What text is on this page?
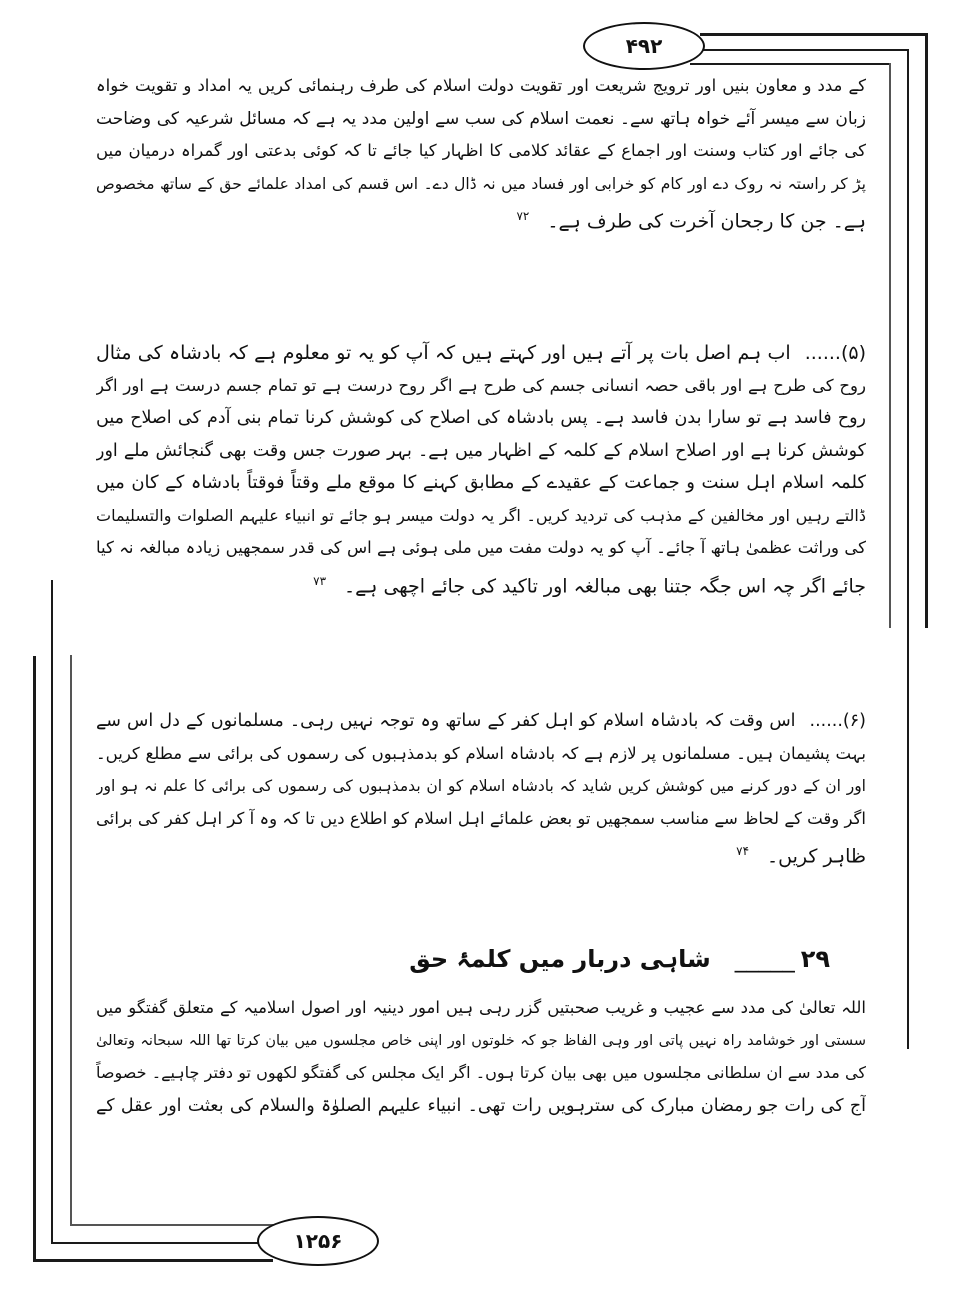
۴۹۲
۱۲۵۶
کے مدد و معاون بنیں اور ترویج شریعت اور تقویت دولت اسلام کی طرف رہنمائی کریں یہ امداد و تقویت خواہ
زبان سے میسر آئے خواہ ہاتھ سے۔ نعمت اسلام کی سب سے اولین مدد یہ ہے کہ مسائل شرعیہ کی وضاحت
کی جائے اور کتاب وسنت اور اجماع کے عقائد کلامی کا اظہار کیا جائے تا کہ کوئی بدعتی اور گمراہ درمیان میں
پڑ کر راستہ نہ روک دے اور کام کو خرابی اور فساد میں نہ ڈال دے۔ اس قسم کی امداد علمائے حق کے ساتھ مخصوص
ہے۔ جن کا رجحان آخرت کی طرف ہے۔$^{۷۲}$
(۵)......اب ہم اصل بات پر آتے ہیں اور کہتے ہیں کہ آپ کو یہ تو معلوم ہے کہ بادشاہ کی مثال
روح کی طرح ہے اور باقی حصہ انسانی جسم کی طرح ہے اگر روح درست ہے تو تمام جسم درست ہے اور اگر
روح فاسد ہے تو سارا بدن فاسد ہے۔ پس بادشاہ کی اصلاح کی کوشش کرنا تمام بنی آدم کی اصلاح میں
کوشش کرنا ہے اور اصلاح اسلام کے کلمہ کے اظہار میں ہے۔ بہر صورت جس وقت بھی گنجائش ملے اور
کلمہ اسلام اہل سنت و جماعت کے عقیدے کے مطابق کہنے کا موقع ملے وقتاً فوقتاً بادشاہ کے کان میں
ڈالتے رہیں اور مخالفین کے مذہب کی تردید کریں۔ اگر یہ دولت میسر ہو جائے تو انبیاء علیہم الصلوات والتسلیمات
کی وراثت عظمیٰ ہاتھ آ جائے۔ آپ کو یہ دولت مفت میں ملی ہوئی ہے اس کی قدر سمجھیں زیادہ مبالغہ نہ کیا
جائے اگر چہ اس جگہ جتنا بھی مبالغہ اور تاکید کی جائے اچھی ہے۔$^{۷۳}$
(۶)......اس وقت کہ بادشاہ اسلام کو اہل کفر کے ساتھ وہ توجہ نہیں رہی۔ مسلمانوں کے دل اس سے
بہت پشیمان ہیں۔ مسلمانوں پر لازم ہے کہ بادشاہ اسلام کو بدمذہبوں کی رسموں کی برائی سے مطلع کریں۔
اور ان کے دور کرنے میں کوشش کریں شاید کہ بادشاہ اسلام کو ان بدمذہبوں کی رسموں کی برائی کا علم نہ ہو اور
اگر وقت کے لحاظ سے مناسب سمجھیں تو بعض علمائے اہل اسلام کو اطلاع دیں تا کہ وہ آ کر اہل کفر کی برائی
ظاہر کریں۔$^{۷۴}$
۲۹_____شاہی دربار میں کلمۂ حق
اللہ تعالیٰ کی مدد سے عجیب و غریب صحبتیں گزر رہی ہیں امور دینیہ اور اصول اسلامیہ کے متعلق گفتگو میں
سستی اور خوشامد راہ نہیں پاتی اور وہی الفاظ جو کہ خلوتوں اور اپنی خاص مجلسوں میں بیان کرتا تھا اللہ سبحانہ وتعالیٰ
کی مدد سے ان سلطانی مجلسوں میں بھی بیان کرتا ہوں۔ اگر ایک مجلس کی گفتگو لکھوں تو دفتر چاہیے۔ خصوصاً
آج کی رات جو رمضان مبارک کی سترہویں رات تھی۔ انبیاء علیہم الصلوٰۃ والسلام کی بعثت اور عقل کے
